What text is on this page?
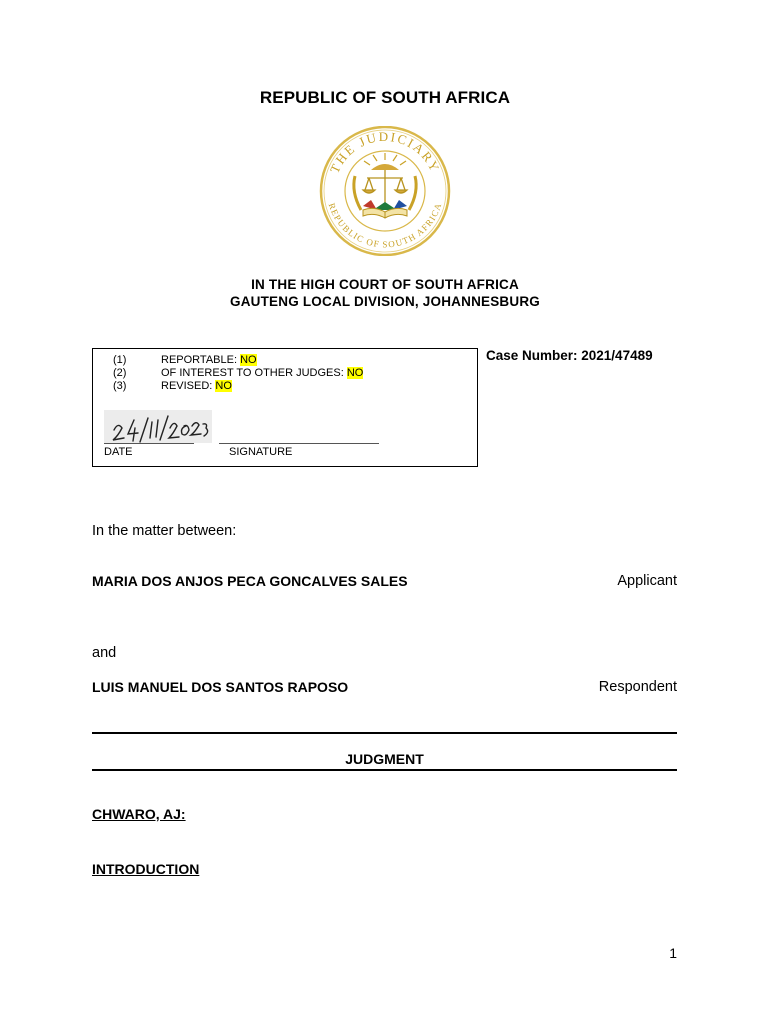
REPUBLIC OF SOUTH AFRICA
THE JUDICIARY
REPUBLIC OF SOUTH AFRICA
IN THE HIGH COURT OF SOUTH AFRICA
GAUTENG LOCAL DIVISION, JOHANNESBURG
(1)	REPORTABLE: NO
(2)	OF INTEREST TO OTHER JUDGES: NO
(3)	REVISED: NO
DATE	SIGNATURE
Case Number: 2021/47489
In the matter between:
MARIA DOS ANJOS PECA GONCALVES SALES	Applicant
and
LUIS MANUEL DOS SANTOS RAPOSO	Respondent
JUDGMENT
CHWARO, AJ:
INTRODUCTION
1
